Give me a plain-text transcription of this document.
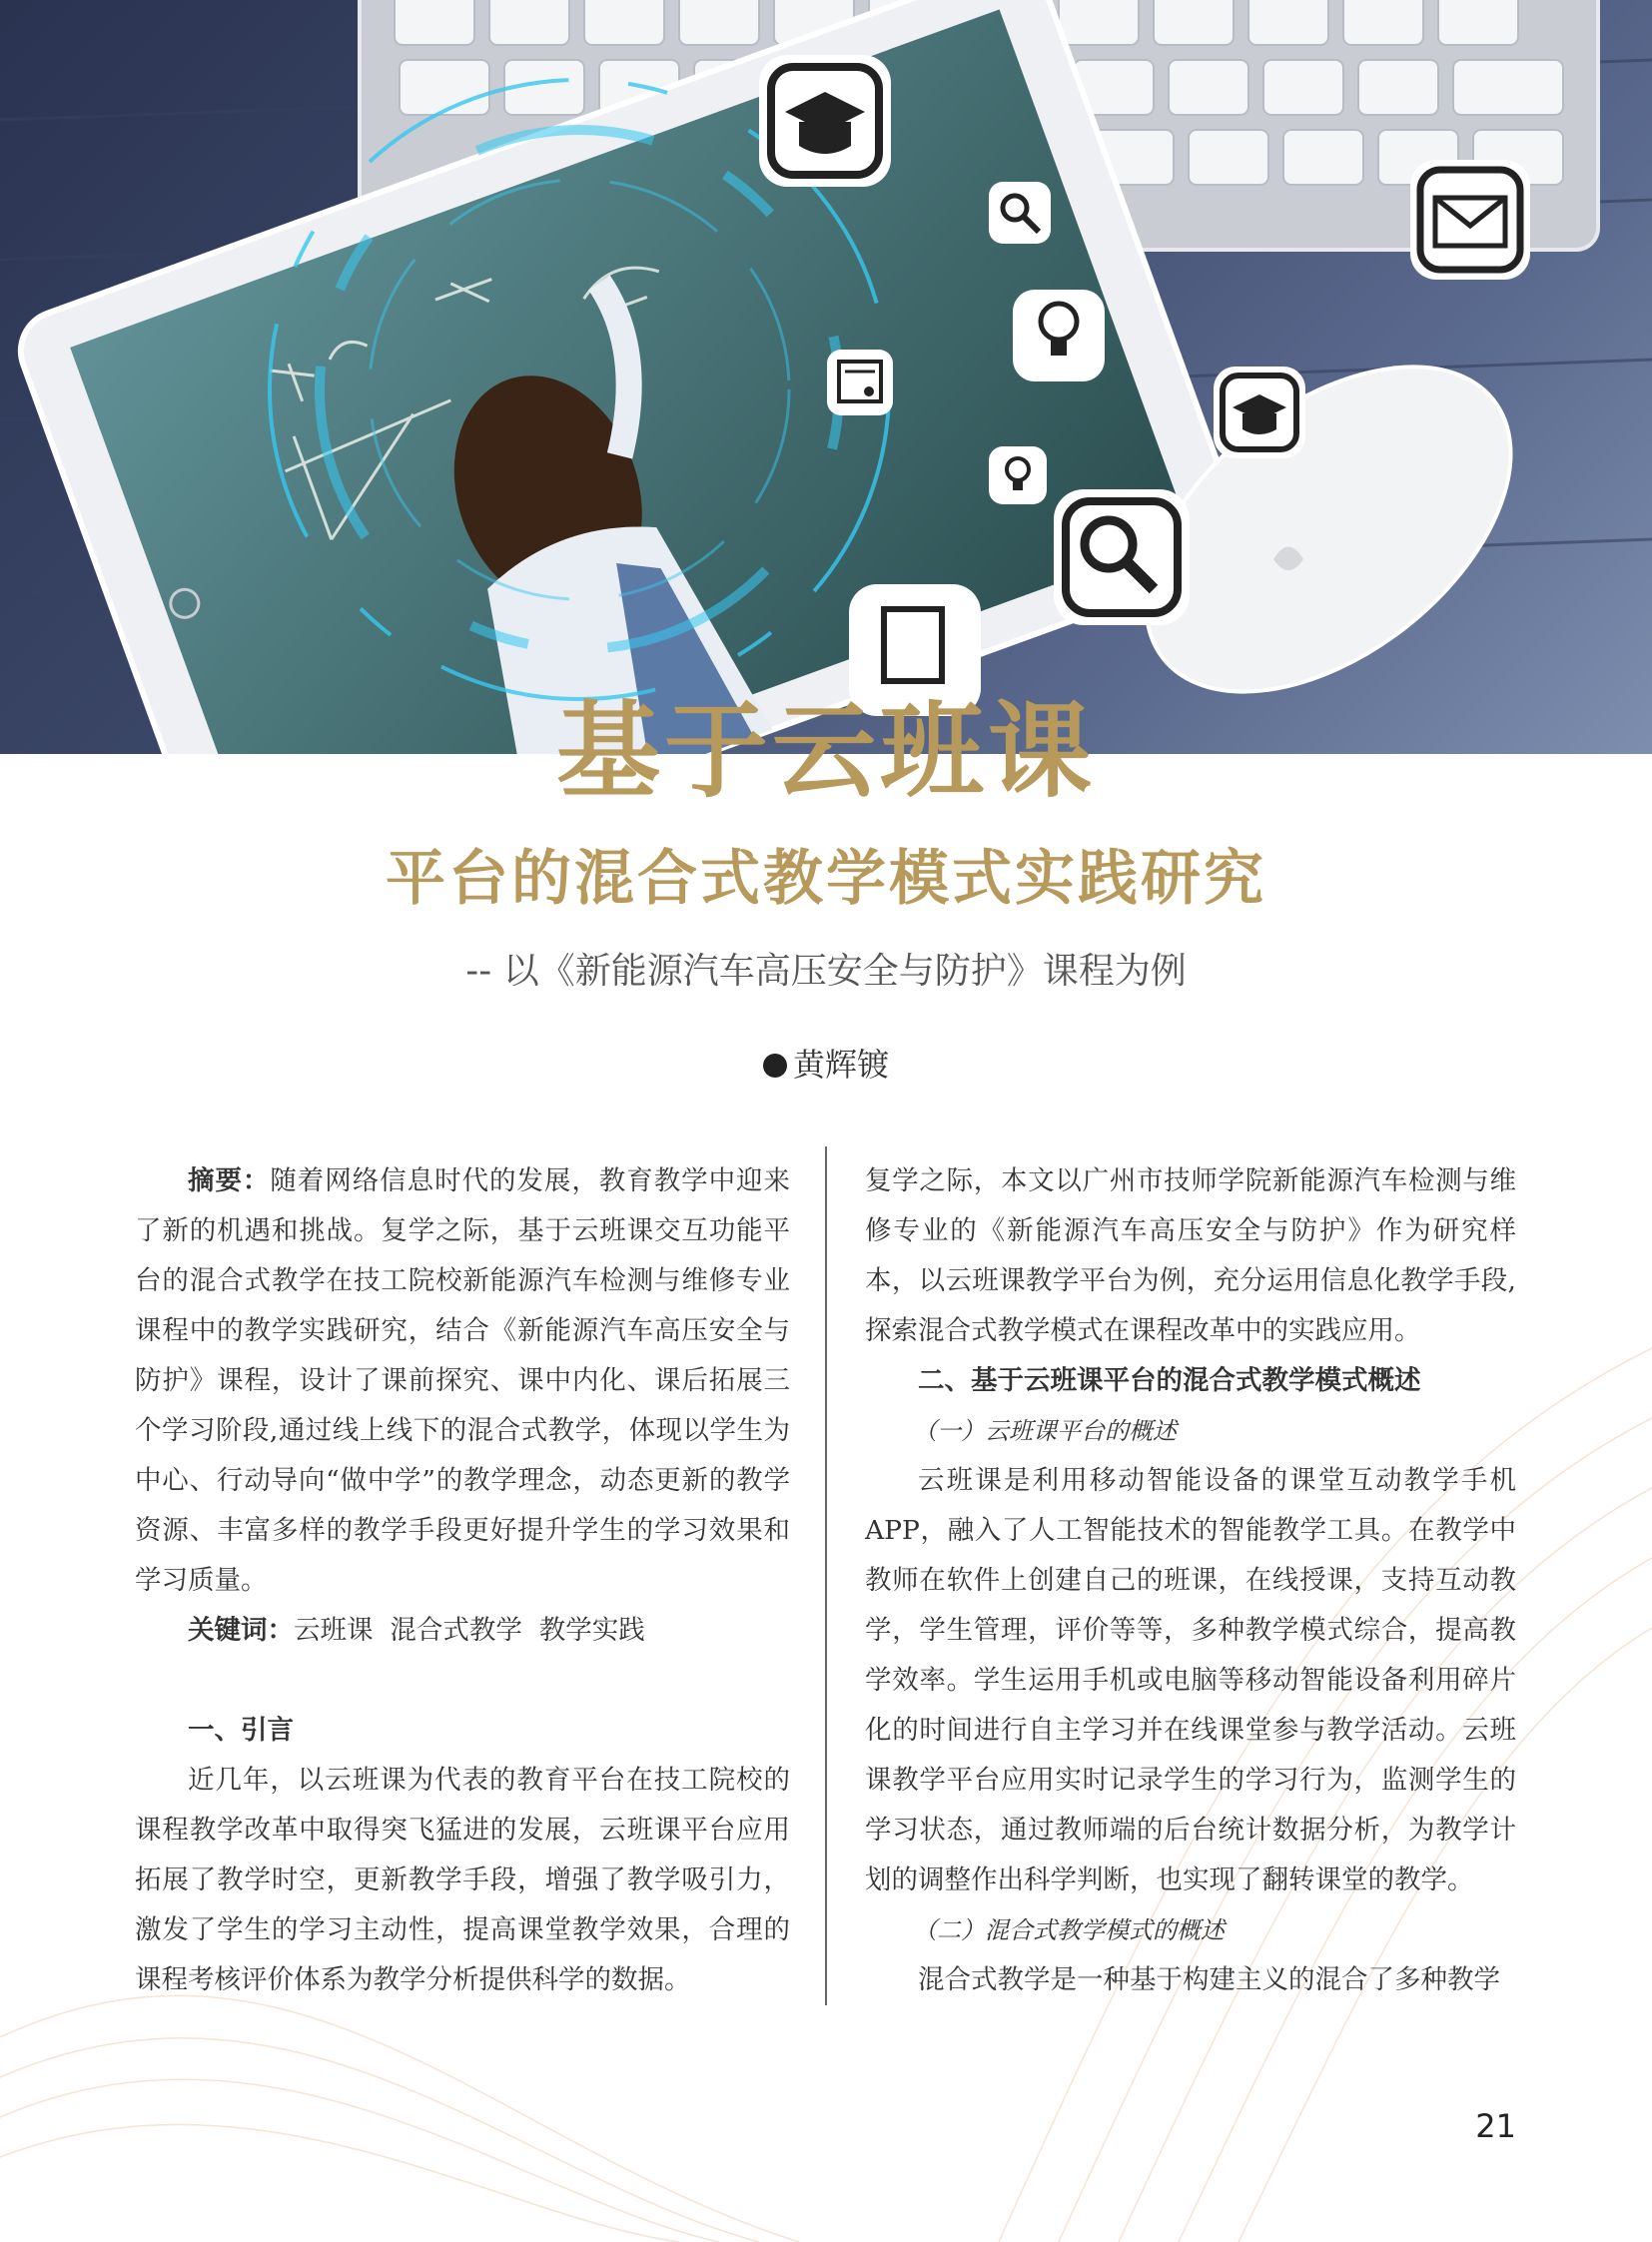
基于云班课
平台的混合式教学模式实践研究
-- 以《新能源汽车高压安全与防护》课程为例
黄辉镀

摘要：随着网络信息时代的发展，教育教学中迎来了新的机遇和挑战。复学之际，基于云班课交互功能平台的混合式教学在技工院校新能源汽车检测与维修专业课程中的教学实践研究，结合《新能源汽车高压安全与防护》课程，设计了课前探究、课中内化、课后拓展三个学习阶段,通过线上线下的混合式教学，体现以学生为中心、行动导向“做中学”的教学理念，动态更新的教学资源、丰富多样的教学手段更好提升学生的学习效果和学习质量。

关键词：云班课  混合式教学  教学实践

一、引言

近几年，以云班课为代表的教育平台在技工院校的课程教学改革中取得突飞猛进的发展，云班课平台应用拓展了教学时空，更新教学手段，增强了教学吸引力，激发了学生的学习主动性，提高课堂教学效果，合理的课程考核评价体系为教学分析提供科学的数据。

复学之际，本文以广州市技师学院新能源汽车检测与维修专业的《新能源汽车高压安全与防护》作为研究样本，以云班课教学平台为例，充分运用信息化教学手段,探索混合式教学模式在课程改革中的实践应用。

二、基于云班课平台的混合式教学模式概述

（一）云班课平台的概述

云班课是利用移动智能设备的课堂互动教学手机APP，融入了人工智能技术的智能教学工具。在教学中教师在软件上创建自己的班课，在线授课，支持互动教学，学生管理，评价等等，多种教学模式综合，提高教学效率。学生运用手机或电脑等移动智能设备利用碎片化的时间进行自主学习并在线课堂参与教学活动。云班课教学平台应用实时记录学生的学习行为，监测学生的学习状态，通过教师端的后台统计数据分析，为教学计划的调整作出科学判断，也实现了翻转课堂的教学。

（二）混合式教学模式的概述

混合式教学是一种基于构建主义的混合了多种教学

21
